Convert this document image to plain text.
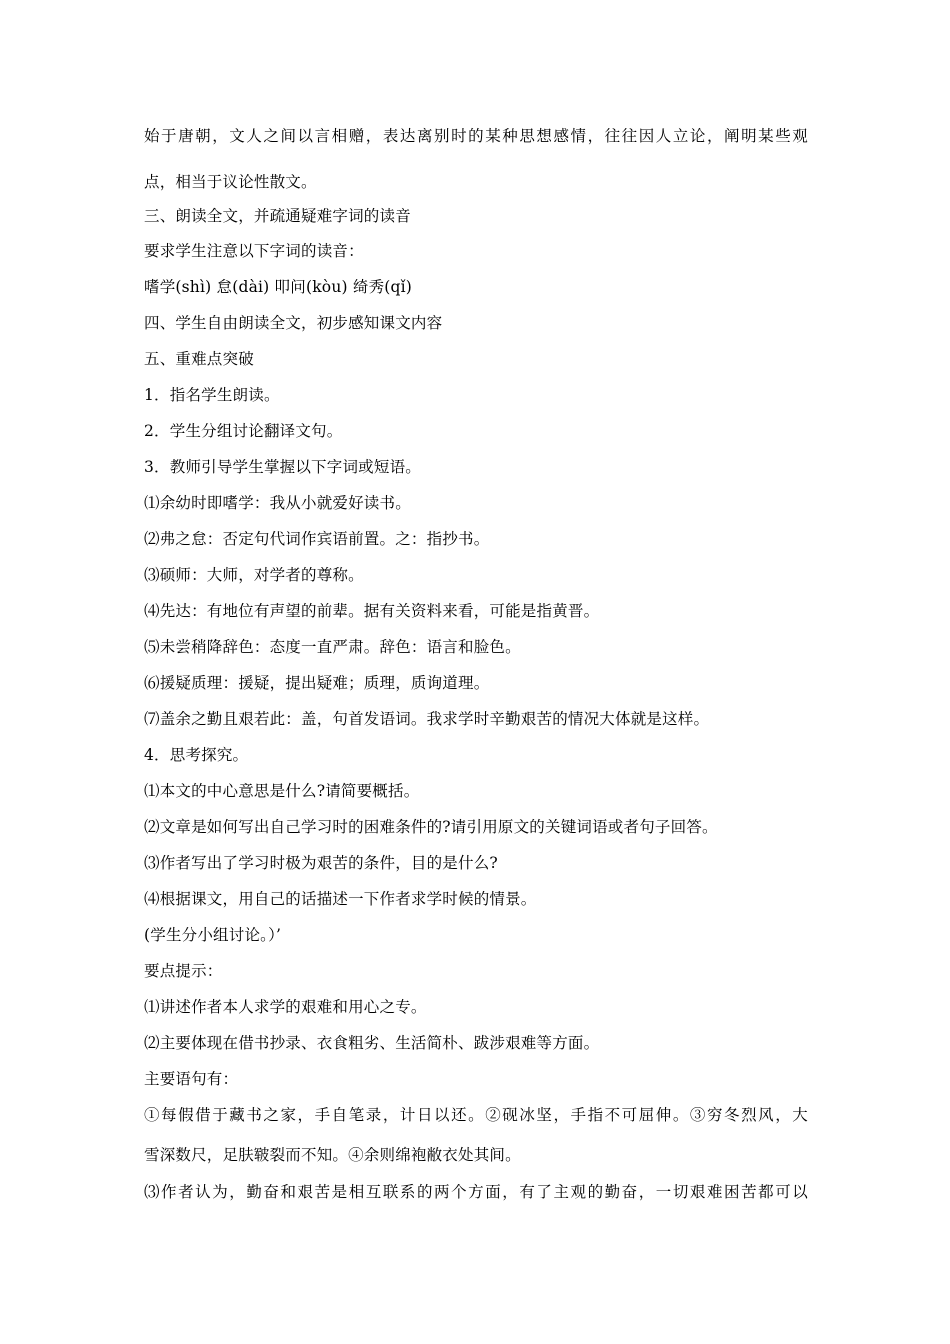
始于唐朝，文人之间以言相赠，表达离别时的某种思想感情，往往因人立论，阐明某些观
点，相当于议论性散文。
三、朗读全文，并疏通疑难字词的读音
要求学生注意以下字词的读音：
嗜学(shì) 怠(dài) 叩问(kòu) 绮秀(qǐ)
四、学生自由朗读全文，初步感知课文内容
五、重难点突破
1．指名学生朗读。
2．学生分组讨论翻译文句。
3．教师引导学生掌握以下字词或短语。
⑴余幼时即嗜学：我从小就爱好读书。
⑵弗之怠：否定句代词作宾语前置。之：指抄书。
⑶硕师：大师，对学者的尊称。
⑷先达：有地位有声望的前辈。据有关资料来看，可能是指黄晋。
⑸未尝稍降辞色：态度一直严肃。辞色：语言和脸色。
⑹援疑质理：援疑，提出疑难；质理，质询道理。
⑺盖余之勤且艰若此：盖，句首发语词。我求学时辛勤艰苦的情况大体就是这样。
4．思考探究。
⑴本文的中心意思是什么?请简要概括。
⑵文章是如何写出自己学习时的困难条件的?请引用原文的关键词语或者句子回答。
⑶作者写出了学习时极为艰苦的条件，目的是什么?
⑷根据课文，用自己的话描述一下作者求学时候的情景。
(学生分小组讨论。）’
要点提示：
⑴讲述作者本人求学的艰难和用心之专。
⑵主要体现在借书抄录、衣食粗劣、生活简朴、跋涉艰难等方面。
主要语句有：
①每假借于藏书之家，手自笔录，计日以还。②砚冰坚，手指不可屈伸。③穷冬烈风，大
雪深数尺，足肤皲裂而不知。④余则绵袍敝衣处其间。
⑶作者认为，勤奋和艰苦是相互联系的两个方面，有了主观的勤奋，一切艰难困苦都可以
